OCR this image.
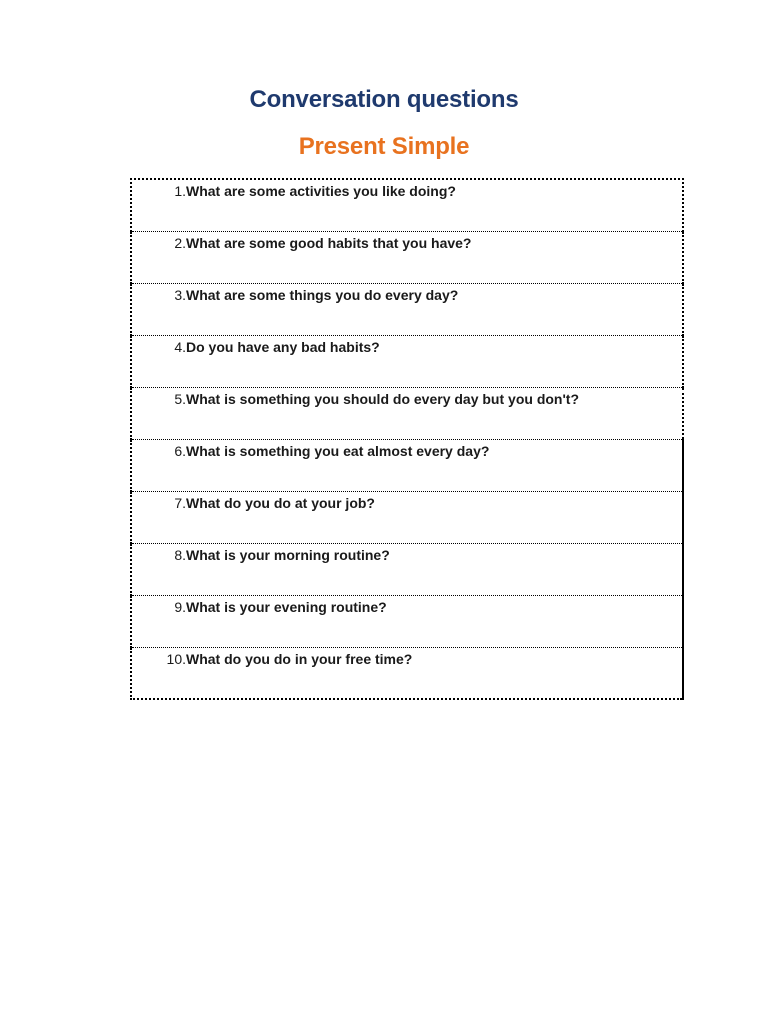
Conversation questions
Present Simple
1. What are some activities you like doing?

2. What are some good habits that you have?

3. What are some things you do every day?

4. Do you have any bad habits?

5. What is something you should do every day but you don't?

6. What is something you eat almost every day?

7. What do you do at your job?

8. What is your morning routine?

9. What is your evening routine?

10. What do you do in your free time?
